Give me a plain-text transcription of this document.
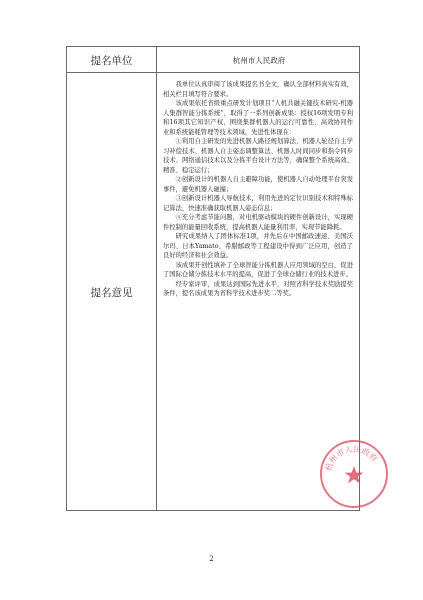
提名单位	杭州市人民政府
提名意见

我单位认真审阅了该成果提名书全文，确认全部材料真实有效，相关栏目填写符合要求。

该成果依托省级重点研发计划项目“人机共融关键技术研究-机器人集群智能分拣系统”，取得了一系列创新成果：授权16项发明专利和16项其它知识产权，围绕集群机器人的运行可靠性、高效协同作业和系统能耗管理等技术领域，先进性体现在：

①利用自主研发的先进机器人路径规划算法、机器人轮径自主学习补偿技术、机器人自主姿态调整算法、机器人时间同步和指令同步技术、网络通信技术以及分拣平台设计方法等，确保整个系统高效、精准、稳定运行；

②创新设计的机器人自主避障功能，使机器人自动处理平台突发事件，避免机器人碰撞；

③创新设计机器人导航技术，利用先进的定位识别技术和特殊标记算法，快速准确获取机器人姿态信息；

④充分考虑节能问题，对电机驱动模块的硬件创新设计，实现硬件控制的能量回收系统，提高机器人能量利用率，实现节能降耗。

研究成果纳入了团体标准1项，并先后在中国邮政速递、美国沃尔玛、日本Yamato、希腊邮政等工程建设中得到广泛应用，创造了良好的经济和社会效益。

该成果开创性填补了全球智能分拣机器人应用领域的空白，促进了国际仓储分拣技术水平的提高，促进了全球仓储行业的技术进步。

经专家评审，成果达到国际先进水平，对照省科学技术奖励提奖条件，提名该成果为省科学技术进步奖二等奖。

杭州市人民政府
2
